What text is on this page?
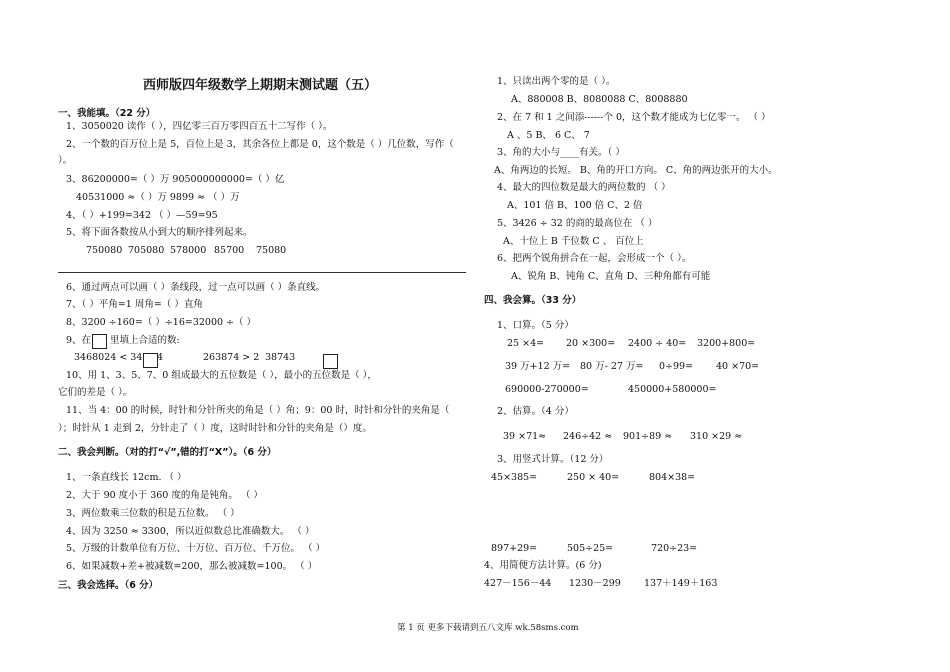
西师版四年级数学上期期末测试题（五）
一、我能填。（22 分）
1、3050020 读作（ ），四亿零三百万零四百五十二写作（ ）。
2、一个数的百万位上是 5，百位上是 3，其余各位上都是 0，这个数是（ ）几位数，写作（
）。
3、86200000=（ ）万 905000000000=（ ）亿
40531000 ≈（ ）万 9899 ≈ （ ）万
4、（ ）+199=342 （ ）—59=95
5、将下面各数按从小到大的顺序排列起来。
750080 705080 578000 85700 75080
6、通过两点可以画（ ）条线段，过一点可以画（ ）条直线。
7、（ ）平角=1 周角=（ ）直角
8、3200 ÷160=（ ）÷16=32000 ÷（ ）
9、在 里填上合适的数:
3468024 < 34 4	263874 > 2 38743
10、用 1、3、5、7、0 组成最大的五位数是（ ），最小的五位数是（ ），
它们的差是（ ）。
11、当 4：00 的时候，时针和分针所夹的角是（ ）角；9：00 时，时针和分针的夹角是（
）；时针从 1 走到 2，分针走了（ ）度，这时时针和分针的夹角是（）度。
二、我会判断。（对的打“√”,错的打“X”）。（6 分）
1、一条直线长 12cm. （ ）
2、大于 90 度小于 360 度的角是钝角。 （ ）
3、两位数乘三位数的积是五位数。 （ ）
4、因为 3250 ≈ 3300，所以近似数总比准确数大。 （ ）
5、万级的计数单位有万位、十万位、百万位、千万位。 （ ）
6、如果减数+差+被减数=200，那么被减数=100。 （ ）
三、我会选择。（6 分）
1、只读出两个零的是（ ）。
A、880008 B、8080088 C、8008880
2、在 7 和 1 之间添------个 0，这个数才能成为七亿零一。 （ ）
A 、5 B、 6 C、 7
3、角的大小与____有关。（ ）
A、角两边的长短。 B、角的开口方向。 C、角的两边张开的大小。
4、最大的四位数是最大的两位数的 （ ）
A、101 倍 B、100 倍 C、2 倍
5、3426 ÷ 32 的商的最高位在 （ ）
A、十位上 B 千位数 C 、 百位上
6、把两个锐角拼合在一起，会形成一个（ ）。
A、锐角 B、钝角 C、直角 D、三种角都有可能
四、我会算。（33 分）
1、口算。（5 分）
25 ×4= 20 ×300= 2400 ÷ 40= 3200+800=
39 万+12 万= 80 万- 27 万= 0÷99= 40 ×70=
690000-270000=	450000+580000=
2、估算。（4 分）
39 ×71≈ 246÷42 ≈ 901÷89 ≈ 310 ×29 ≈
3、用竖式计算。（12 分）
45×385=	250 × 40=	804×38=
897+29=	505÷25=	720÷23=
4、用简便方法计算。(6 分)
427－156－44 1230－299 137＋149＋163
第 1 页 更多下载请到五八文库 wk.58sms.com
